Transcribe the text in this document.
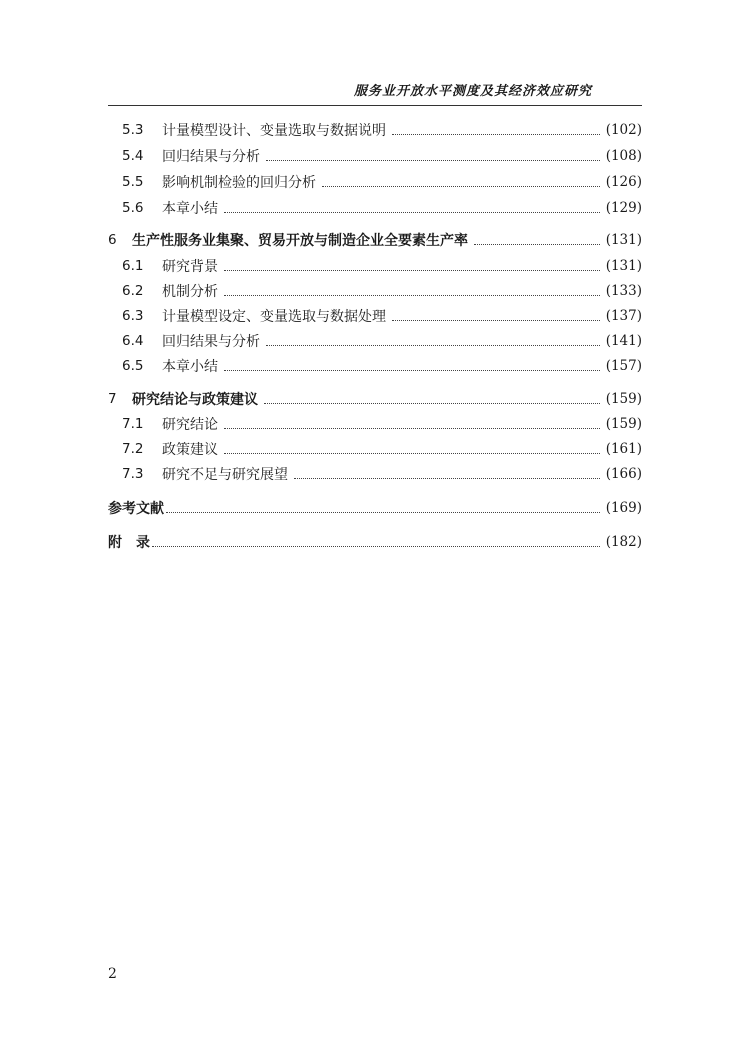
服务业开放水平测度及其经济效应研究
5.3	计量模型设计、变量选取与数据说明	(102)
5.4	回归结果与分析	(108)
5.5	影响机制检验的回归分析	(126)
5.6	本章小结	(129)
6	生产性服务业集聚、贸易开放与制造企业全要素生产率	(131)
6.1	研究背景	(131)
6.2	机制分析	(133)
6.3	计量模型设定、变量选取与数据处理	(137)
6.4	回归结果与分析	(141)
6.5	本章小结	(157)
7	研究结论与政策建议	(159)
7.1	研究结论	(159)
7.2	政策建议	(161)
7.3	研究不足与研究展望	(166)
参考文献	(169)
附　录	(182)
2
